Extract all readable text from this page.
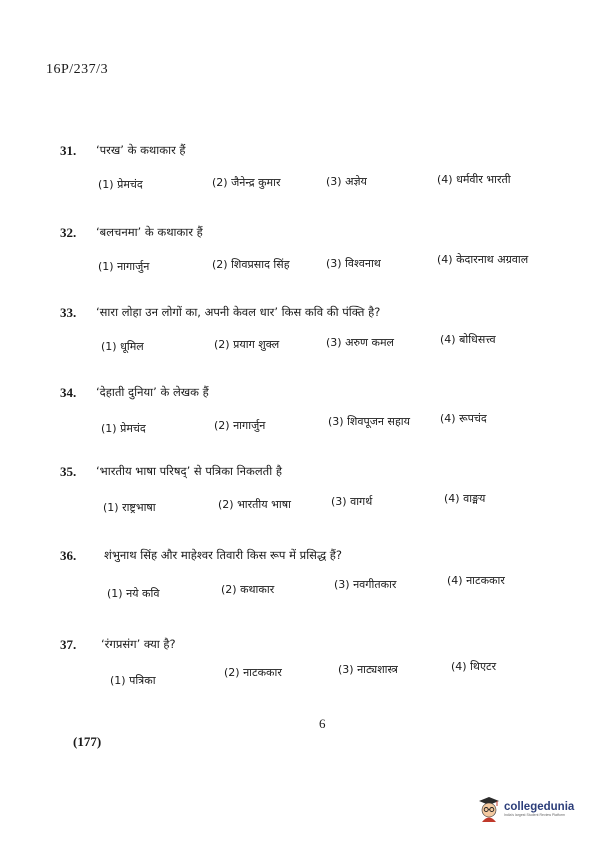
16P/237/3
31. ‘परख’ के कथाकार हैं
(1) प्रेमचंद	(2) जैनेन्द्र कुमार	(3) अज्ञेय	(4) धर्मवीर भारती
32. ‘बलचनमा’ के कथाकार हैं
(1) नागार्जुन	(2) शिवप्रसाद सिंह	(3) विश्वनाथ	(4) केदारनाथ अग्रवाल
33. ‘सारा लोहा उन लोगों का, अपनी केवल धार’ किस कवि की पंक्ति है?
(1) धूमिल	(2) प्रयाग शुक्ल	(3) अरुण कमल	(4) बोधिसत्त्व
34. ‘देहाती दुनिया’ के लेखक हैं
(1) प्रेमचंद	(2) नागार्जुन	(3) शिवपूजन सहाय	(4) रूपचंद
35. ‘भारतीय भाषा परिषद्’ से पत्रिका निकलती है
(1) राष्ट्रभाषा	(2) भारतीय भाषा	(3) वागर्थ	(4) वाङ्मय
36. शंभुनाथ सिंह और माहेश्वर तिवारी किस रूप में प्रसिद्ध हैं?
(1) नये कवि	(2) कथाकार	(3) नवगीतकार	(4) नाटककार
37. ‘रंगप्रसंग’ क्या है?
(1) पत्रिका
(2) नाटककार	(3) नाट्यशास्त्र	(4) थिएटर
6
(177)
collegedunia
India's largest Student Review Platform
